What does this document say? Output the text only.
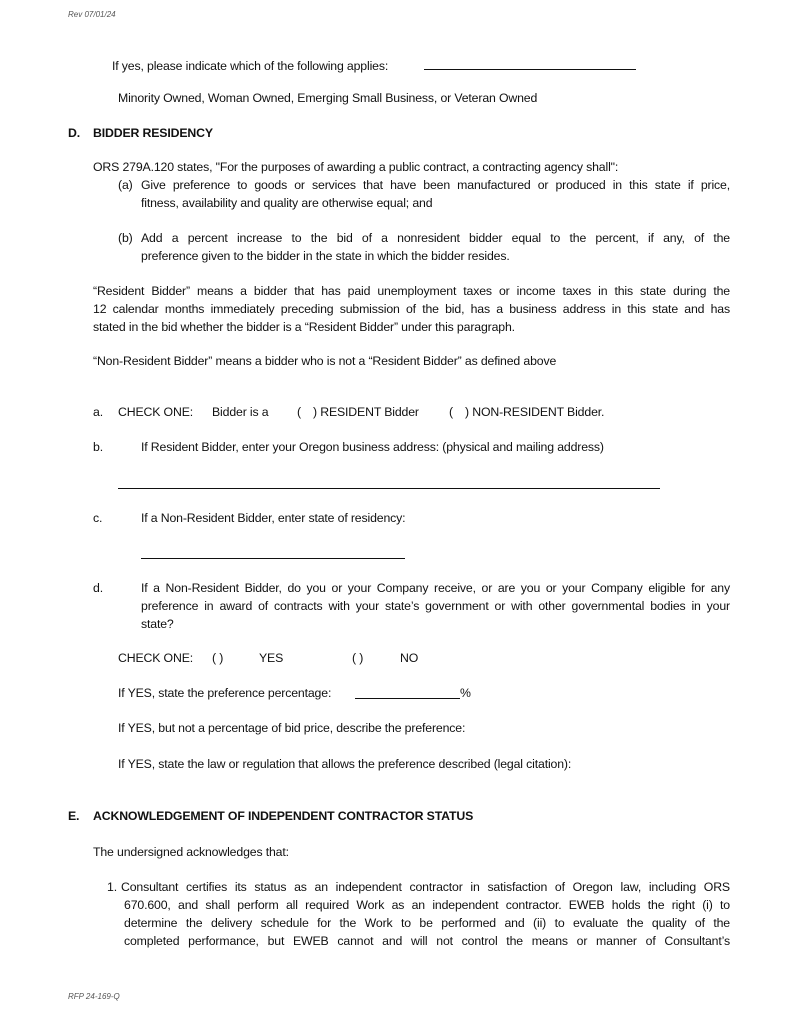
Rev 07/01/24
If yes, please indicate which of the following applies:
Minority Owned, Woman Owned, Emerging Small Business, or Veteran Owned
D. BIDDER RESIDENCY
ORS 279A.120 states, "For the purposes of awarding a public contract, a contracting agency shall":
(a) Give preference to goods or services that have been manufactured or produced in this state if price,
fitness, availability and quality are otherwise equal; and
(b) Add a percent increase to the bid of a nonresident bidder equal to the percent, if any, of the
preference given to the bidder in the state in which the bidder resides.
“Resident Bidder” means a bidder that has paid unemployment taxes or income taxes in this state during the
12 calendar months immediately preceding submission of the bid, has a business address in this state and has
stated in the bid whether the bidder is a “Resident Bidder” under this paragraph.
“Non-Resident Bidder” means a bidder who is not a “Resident Bidder” as defined above
a. CHECK ONE: Bidder is a ( ) RESIDENT Bidder ( ) NON-RESIDENT Bidder.
b.	If Resident Bidder, enter your Oregon business address: (physical and mailing address)
c.	If a Non-Resident Bidder, enter state of residency:
d.	If a Non-Resident Bidder, do you or your Company receive, or are you or your Company eligible for any
preference in award of contracts with your state’s government or with other governmental bodies in your
state?
CHECK ONE: ( )	YES	( )	NO
If YES, state the preference percentage:	%
If YES, but not a percentage of bid price, describe the preference:
If YES, state the law or regulation that allows the preference described (legal citation):
E. ACKNOWLEDGEMENT OF INDEPENDENT CONTRACTOR STATUS
The undersigned acknowledges that:
1. Consultant certifies its status as an independent contractor in satisfaction of Oregon law, including ORS
670.600, and shall perform all required Work as an independent contractor. EWEB holds the right (i) to
determine the delivery schedule for the Work to be performed and (ii) to evaluate the quality of the
completed performance, but EWEB cannot and will not control the means or manner of Consultant’s
RFP 24-169-Q
